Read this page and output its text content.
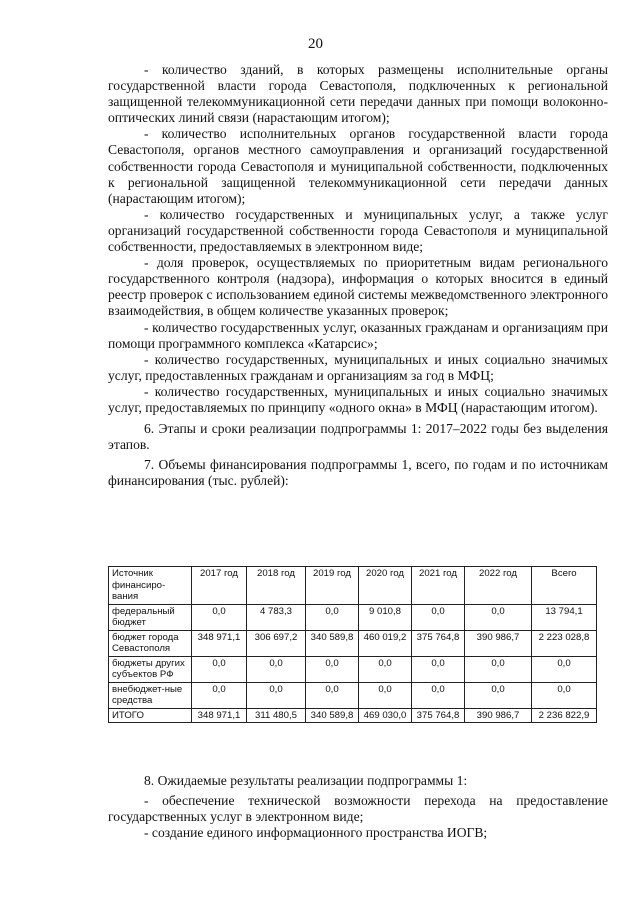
20

- количество зданий, в которых размещены исполнительные органы государственной власти города Севастополя, подключенных к региональной защищенной телекоммуникационной сети передачи данных при помощи волоконно-оптических линий связи (нарастающим итогом);

- количество исполнительных органов государственной власти города Севастополя, органов местного самоуправления и организаций государственной собственности города Севастополя и муниципальной собственности, подключенных к региональной защищенной телекоммуникационной сети передачи данных (нарастающим итогом);

- количество государственных и муниципальных услуг, а также услуг организаций государственной собственности города Севастополя и муниципальной собственности, предоставляемых в электронном виде;

- доля проверок, осуществляемых по приоритетным видам регионального государственного контроля (надзора), информация о которых вносится в единый реестр проверок с использованием единой системы межведомственного электронного взаимодействия, в общем количестве указанных проверок;

- количество государственных услуг, оказанных гражданам и организациям при помощи программного комплекса «Катарсис»;

- количество государственных, муниципальных и иных социально значимых услуг, предоставленных гражданам и организациям за год в МФЦ;

- количество государственных, муниципальных и иных социально значимых услуг, предоставляемых по принципу «одного окна» в МФЦ (нарастающим итогом).

6. Этапы и сроки реализации подпрограммы 1: 2017–2022 годы без выделения этапов.

7. Объемы финансирования подпрограммы 1, всего, по годам и по источникам финансирования (тыс. рублей):

Источник финансиро-вания	2017 год	2018 год	2019 год	2020 год	2021 год	2022 год	Всего
федеральный бюджет	0,0	4 783,3	0,0	9 010,8	0,0	0,0	13 794,1
бюджет города Севастополя	348 971,1	306 697,2	340 589,8	460 019,2	375 764,8	390 986,7	2 223 028,8
бюджеты других субъектов РФ	0,0	0,0	0,0	0,0	0,0	0,0	0,0
внебюджет-ные средства	0,0	0,0	0,0	0,0	0,0	0,0	0,0
ИТОГО	348 971,1	311 480,5	340 589,8	469 030,0	375 764,8	390 986,7	2 236 822,9

8. Ожидаемые результаты реализации подпрограммы 1:

- обеспечение технической возможности перехода на предоставление государственных услуг в электронном виде;

- создание единого информационного пространства ИОГВ;
